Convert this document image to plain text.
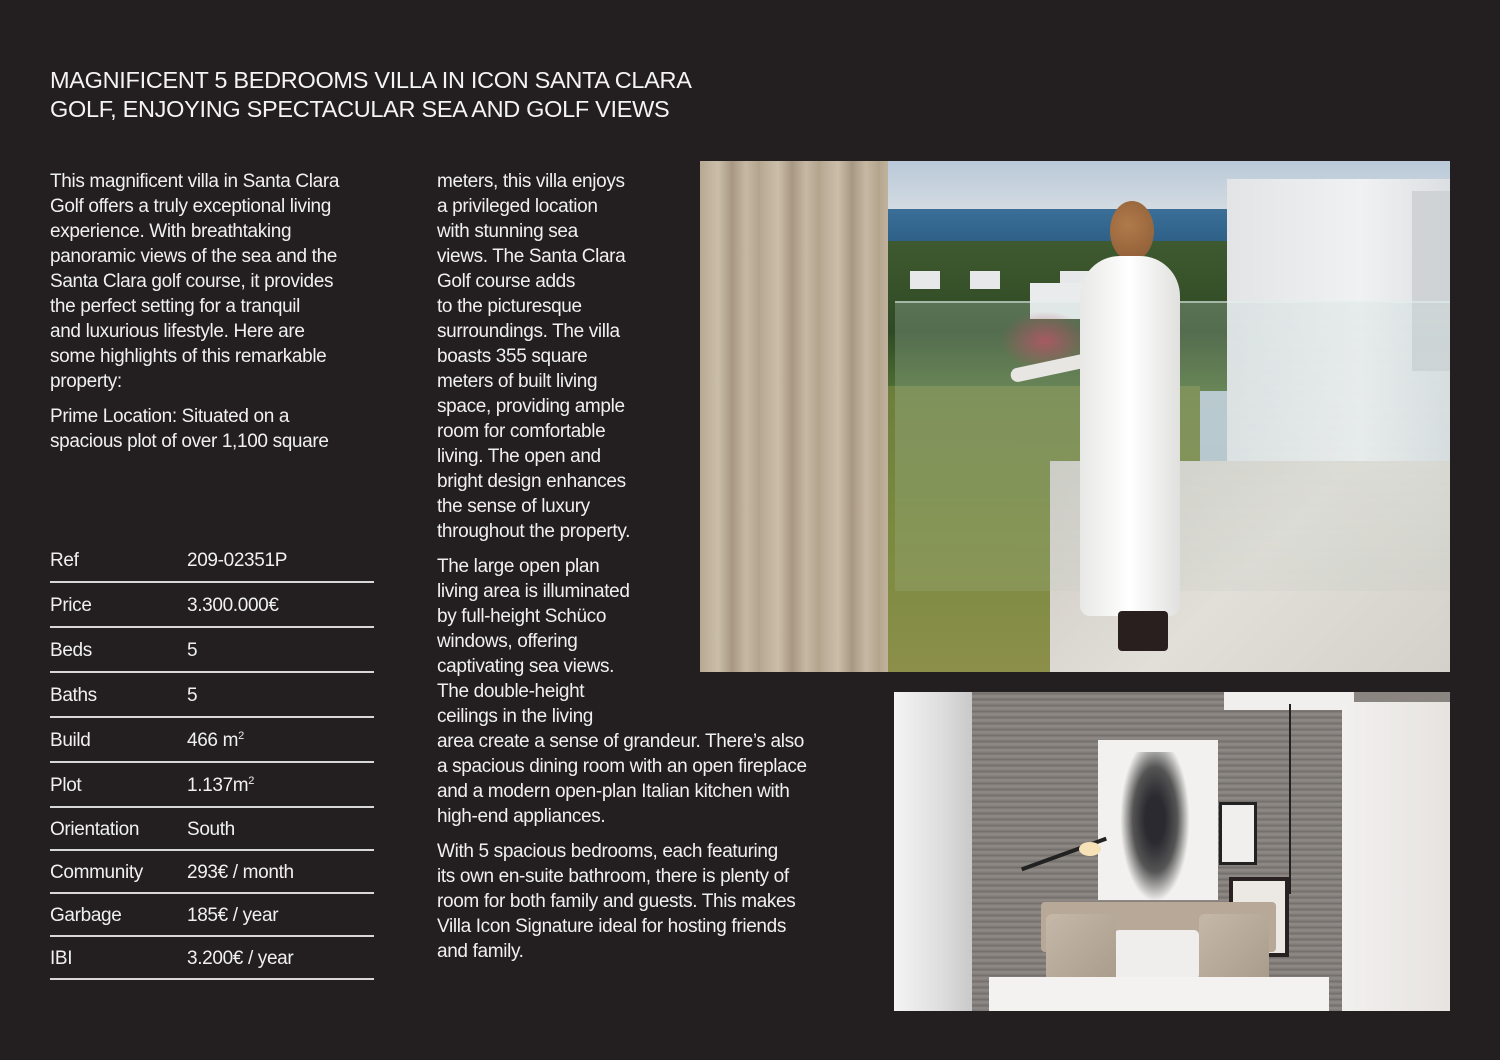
MAGNIFICENT 5 BEDROOMS VILLA IN ICON SANTA CLARA
GOLF, ENJOYING SPECTACULAR SEA AND GOLF VIEWS

This magnificent villa in Santa Clara
Golf offers a truly exceptional living
experience. With breathtaking
panoramic views of the sea and the
Santa Clara golf course, it provides
the perfect setting for a tranquil
and luxurious lifestyle. Here are
some highlights of this remarkable
property:

Prime Location: Situated on a
spacious plot of over 1,100 square

meters, this villa enjoys
a privileged location
with stunning sea
views. The Santa Clara
Golf course adds
to the picturesque
surroundings. The villa
boasts 355 square
meters of built living
space, providing ample
room for comfortable
living. The open and
bright design enhances
the sense of luxury
throughout the property.

The large open plan
living area is illuminated
by full-height Schüco
windows, offering
captivating sea views.
The double-height
ceilings in the living
area create a sense of grandeur. There’s also
a spacious dining room with an open fireplace
and a modern open-plan Italian kitchen with
high-end appliances.

With 5 spacious bedrooms, each featuring
its own en-suite bathroom, there is plenty of
room for both family and guests. This makes
Villa Icon Signature ideal for hosting friends
and family.

Ref	209-02351P
Price	3.300.000€
Beds	5
Baths	5
Build	466 $m^2$
Plot	$1.137m^2$
Orientation	South
Community	293€ / month
Garbage	185€ / year
IBI	3.200€ / year
